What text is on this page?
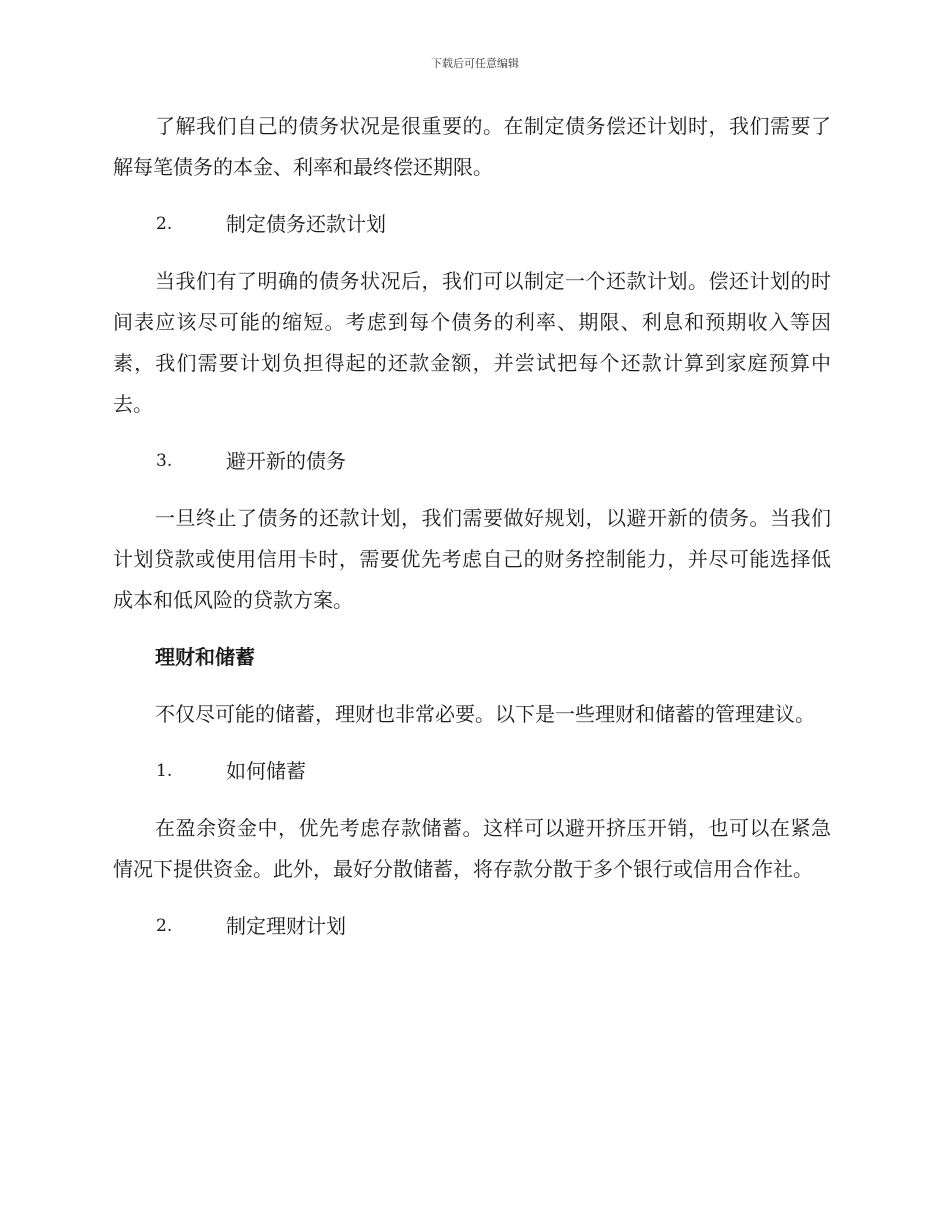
下载后可任意编辑

了解我们自己的债务状况是很重要的。在制定债务偿还计划时，我们需要了解每笔债务的本金、利率和最终偿还期限。

2.	制定债务还款计划

当我们有了明确的债务状况后，我们可以制定一个还款计划。偿还计划的时间表应该尽可能的缩短。考虑到每个债务的利率、期限、利息和预期收入等因素，我们需要计划负担得起的还款金额，并尝试把每个还款计算到家庭预算中去。

3.	避开新的债务

一旦终止了债务的还款计划，我们需要做好规划，以避开新的债务。当我们计划贷款或使用信用卡时，需要优先考虑自己的财务控制能力，并尽可能选择低成本和低风险的贷款方案。

理财和储蓄

不仅尽可能的储蓄，理财也非常必要。以下是一些理财和储蓄的管理建议。

1.	如何储蓄

在盈余资金中，优先考虑存款储蓄。这样可以避开挤压开销，也可以在紧急情况下提供资金。此外，最好分散储蓄，将存款分散于多个银行或信用合作社。

2.	制定理财计划
